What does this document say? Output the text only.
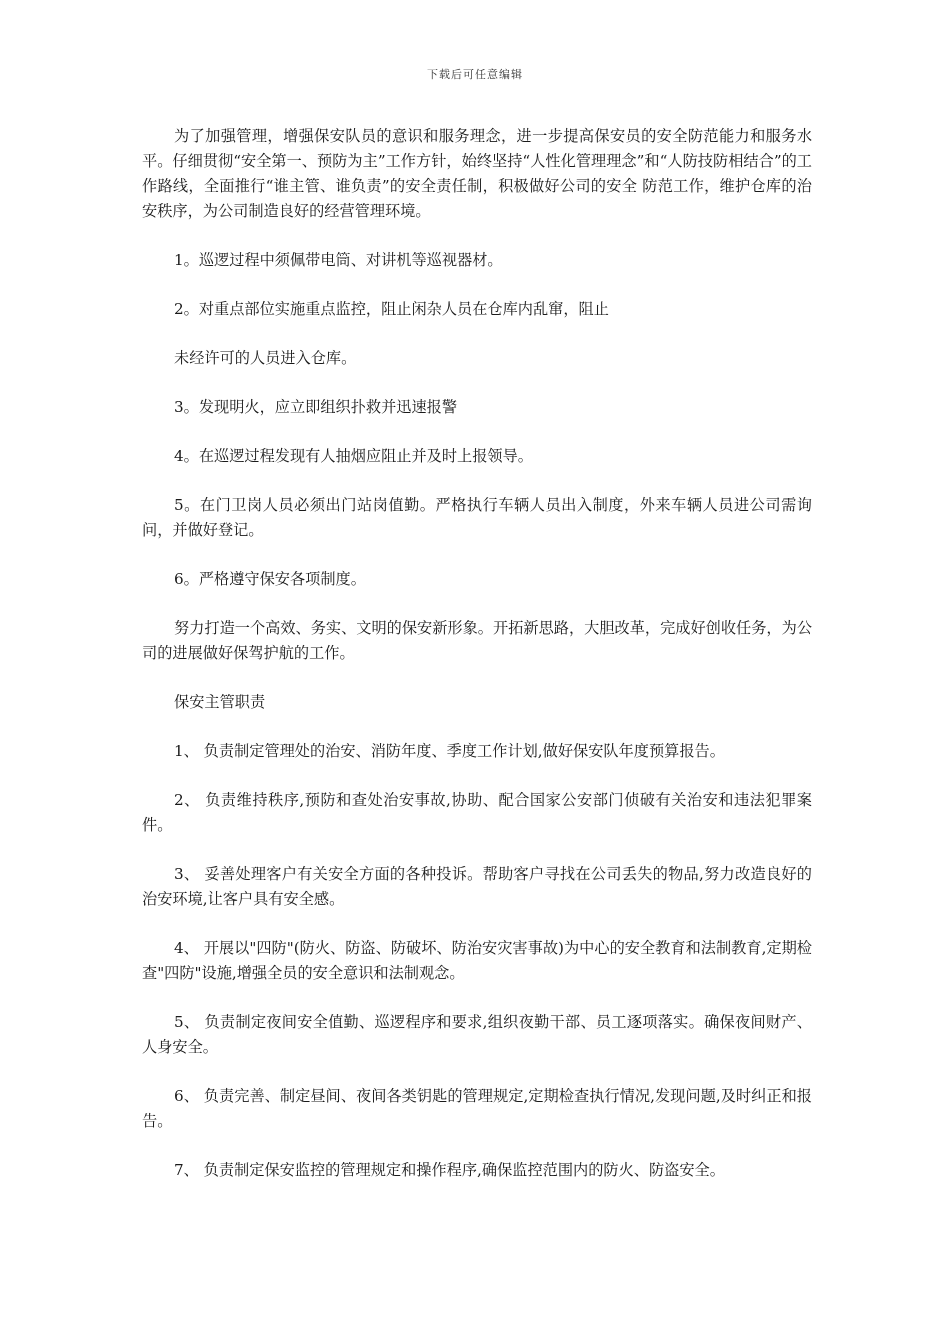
下载后可任意编辑

为了加强管理，增强保安队员的意识和服务理念，进一步提高保安员的安全防范能力和服务水平。仔细贯彻“安全第一、预防为主”工作方针，始终坚持“人性化管理理念”和“人防技防相结合”的工作路线，全面推行“谁主管、谁负责”的安全责任制，积极做好公司的安全 防范工作，维护仓库的治安秩序，为公司制造良好的经营管理环境。

1。巡逻过程中须佩带电筒、对讲机等巡视器材。

2。对重点部位实施重点监控，阻止闲杂人员在仓库内乱窜，阻止

未经许可的人员进入仓库。

3。发现明火，应立即组织扑救并迅速报警

4。在巡逻过程发现有人抽烟应阻止并及时上报领导。

5。在门卫岗人员必须出门站岗值勤。严格执行车辆人员出入制度，外来车辆人员进公司需询问，并做好登记。

6。严格遵守保安各项制度。

努力打造一个高效、务实、文明的保安新形象。开拓新思路，大胆改革，完成好创收任务，为公司的进展做好保驾护航的工作。

保安主管职责

1、 负责制定管理处的治安、消防年度、季度工作计划,做好保安队年度预算报告。

2、 负责维持秩序,预防和查处治安事故,协助、配合国家公安部门侦破有关治安和违法犯罪案件。

3、 妥善处理客户有关安全方面的各种投诉。帮助客户寻找在公司丢失的物品,努力改造良好的治安环境,让客户具有安全感。

4、 开展以"四防"(防火、防盗、防破坏、防治安灾害事故)为中心的安全教育和法制教育,定期检查"四防"设施,增强全员的安全意识和法制观念。

5、 负责制定夜间安全值勤、巡逻程序和要求,组织夜勤干部、员工逐项落实。确保夜间财产、人身安全。

6、 负责完善、制定昼间、夜间各类钥匙的管理规定,定期检查执行情况,发现问题,及时纠正和报告。

7、 负责制定保安监控的管理规定和操作程序,确保监控范围内的防火、防盗安全。
